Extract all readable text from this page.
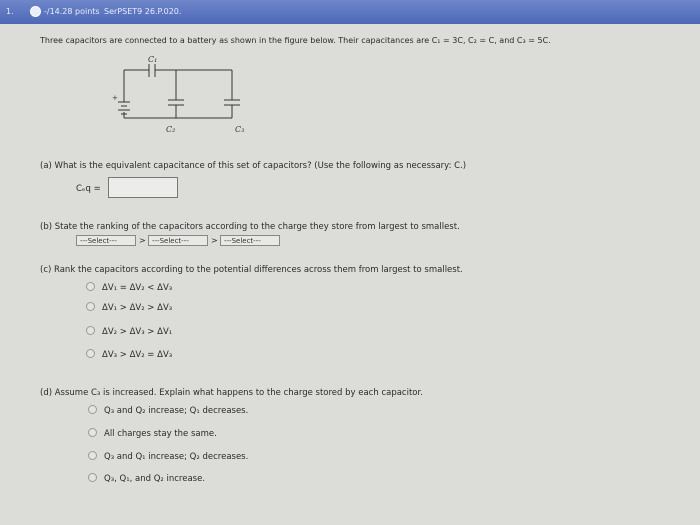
1.	-/14.28 points SerPSET9 26.P.020.
Three capacitors are connected to a battery as shown in the figure below. Their capacitances are C₁ = 3C, C₂ = C, and C₃ = 5C.
C₁
C₂	C₃
+
(a) What is the equivalent capacitance of this set of capacitors? (Use the following as necessary: C.)
Cₑq =
(b) State the ranking of the capacitors according to the charge they store from largest to smallest.
---Select---	> ---Select---	> ---Select---
(c) Rank the capacitors according to the potential differences across them from largest to smallest.
ΔV₁ = ΔV₂ < ΔV₃
ΔV₁ > ΔV₂ > ΔV₃
ΔV₂ > ΔV₃ > ΔV₁
ΔV₃ > ΔV₂ = ΔV₃
(d) Assume C₃ is increased. Explain what happens to the charge stored by each capacitor.
Q₃ and Q₂ increase; Q₁ decreases.
All charges stay the same.
Q₃ and Q₁ increase; Q₂ decreases.
Q₃, Q₁, and Q₂ increase.
